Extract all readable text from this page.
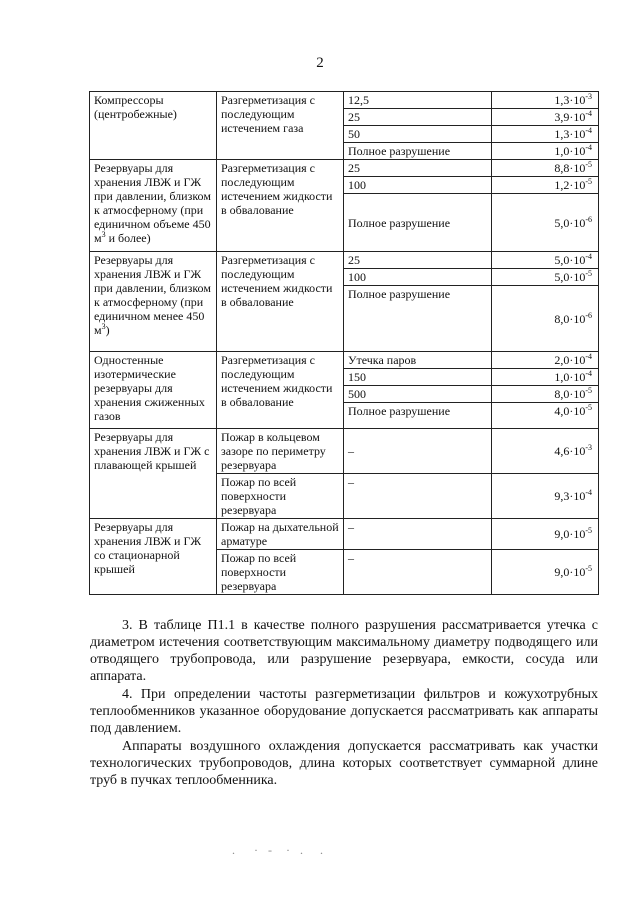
2
Компрессоры (центробежные)	Разгерметизация с последующим истечением газа	12,5	$1,3\cdot 10^{-3}$
		25	$3,9\cdot 10^{-4}$
		50	$1,3\cdot 10^{-4}$
		Полное разрушение	$1,0\cdot 10^{-4}$
Резервуары для хранения ЛВЖ и ГЖ при давлении, близком к атмосферному (при единичном объеме 450 $м^3$ и более)	Разгерметизация с последующим истечением жидкости в обвалование	25	$8,8\cdot 10^{-5}$
		100	$1,2\cdot 10^{-5}$
		Полное разрушение	$5,0\cdot 10^{-6}$
Резервуары для хранения ЛВЖ и ГЖ при давлении, близком к атмосферному (при единичном менее 450 $м^3$)	Разгерметизация с последующим истечением жидкости в обвалование	25	$5,0\cdot 10^{-4}$
		100	$5,0\cdot 10^{-5}$
		Полное разрушение	$8,0\cdot 10^{-6}$
Одностенные изотермические резервуары для хранения сжиженных газов	Разгерметизация с последующим истечением жидкости в обвалование	Утечка паров	$2,0\cdot 10^{-4}$
		150	$1,0\cdot 10^{-4}$
		500	$8,0\cdot 10^{-5}$
		Полное разрушение	$4,0\cdot 10^{-5}$
Резервуары для хранения ЛВЖ и ГЖ с плавающей крышей	Пожар в кольцевом зазоре по периметру резервуара	–	$4,6\cdot 10^{-3}$
	Пожар по всей поверхности резервуара	–	$9,3\cdot 10^{-4}$
Резервуары для хранения ЛВЖ и ГЖ со стационарной крышей	Пожар на дыхательной арматуре	–	$9,0\cdot 10^{-5}$
	Пожар по всей поверхности резервуара	–	$9,0\cdot 10^{-5}$

3. В таблице П1.1 в качестве полного разрушения рассматривается утечка с диаметром истечения соответствующим максимальному диаметру подводящего или отводящего трубопровода, или разрушение резервуара, емкости, сосуда или аппарата.

4. При определении частоты разгерметизации фильтров и кожухотрубных теплообменников указанное оборудование допускается рассматривать как аппараты под давлением.

Аппараты воздушного охлаждения допускается рассматривать как участки технологических трубопроводов, длина которых соответствует суммарной длине труб в пучках теплообменника.

. · - · . .
